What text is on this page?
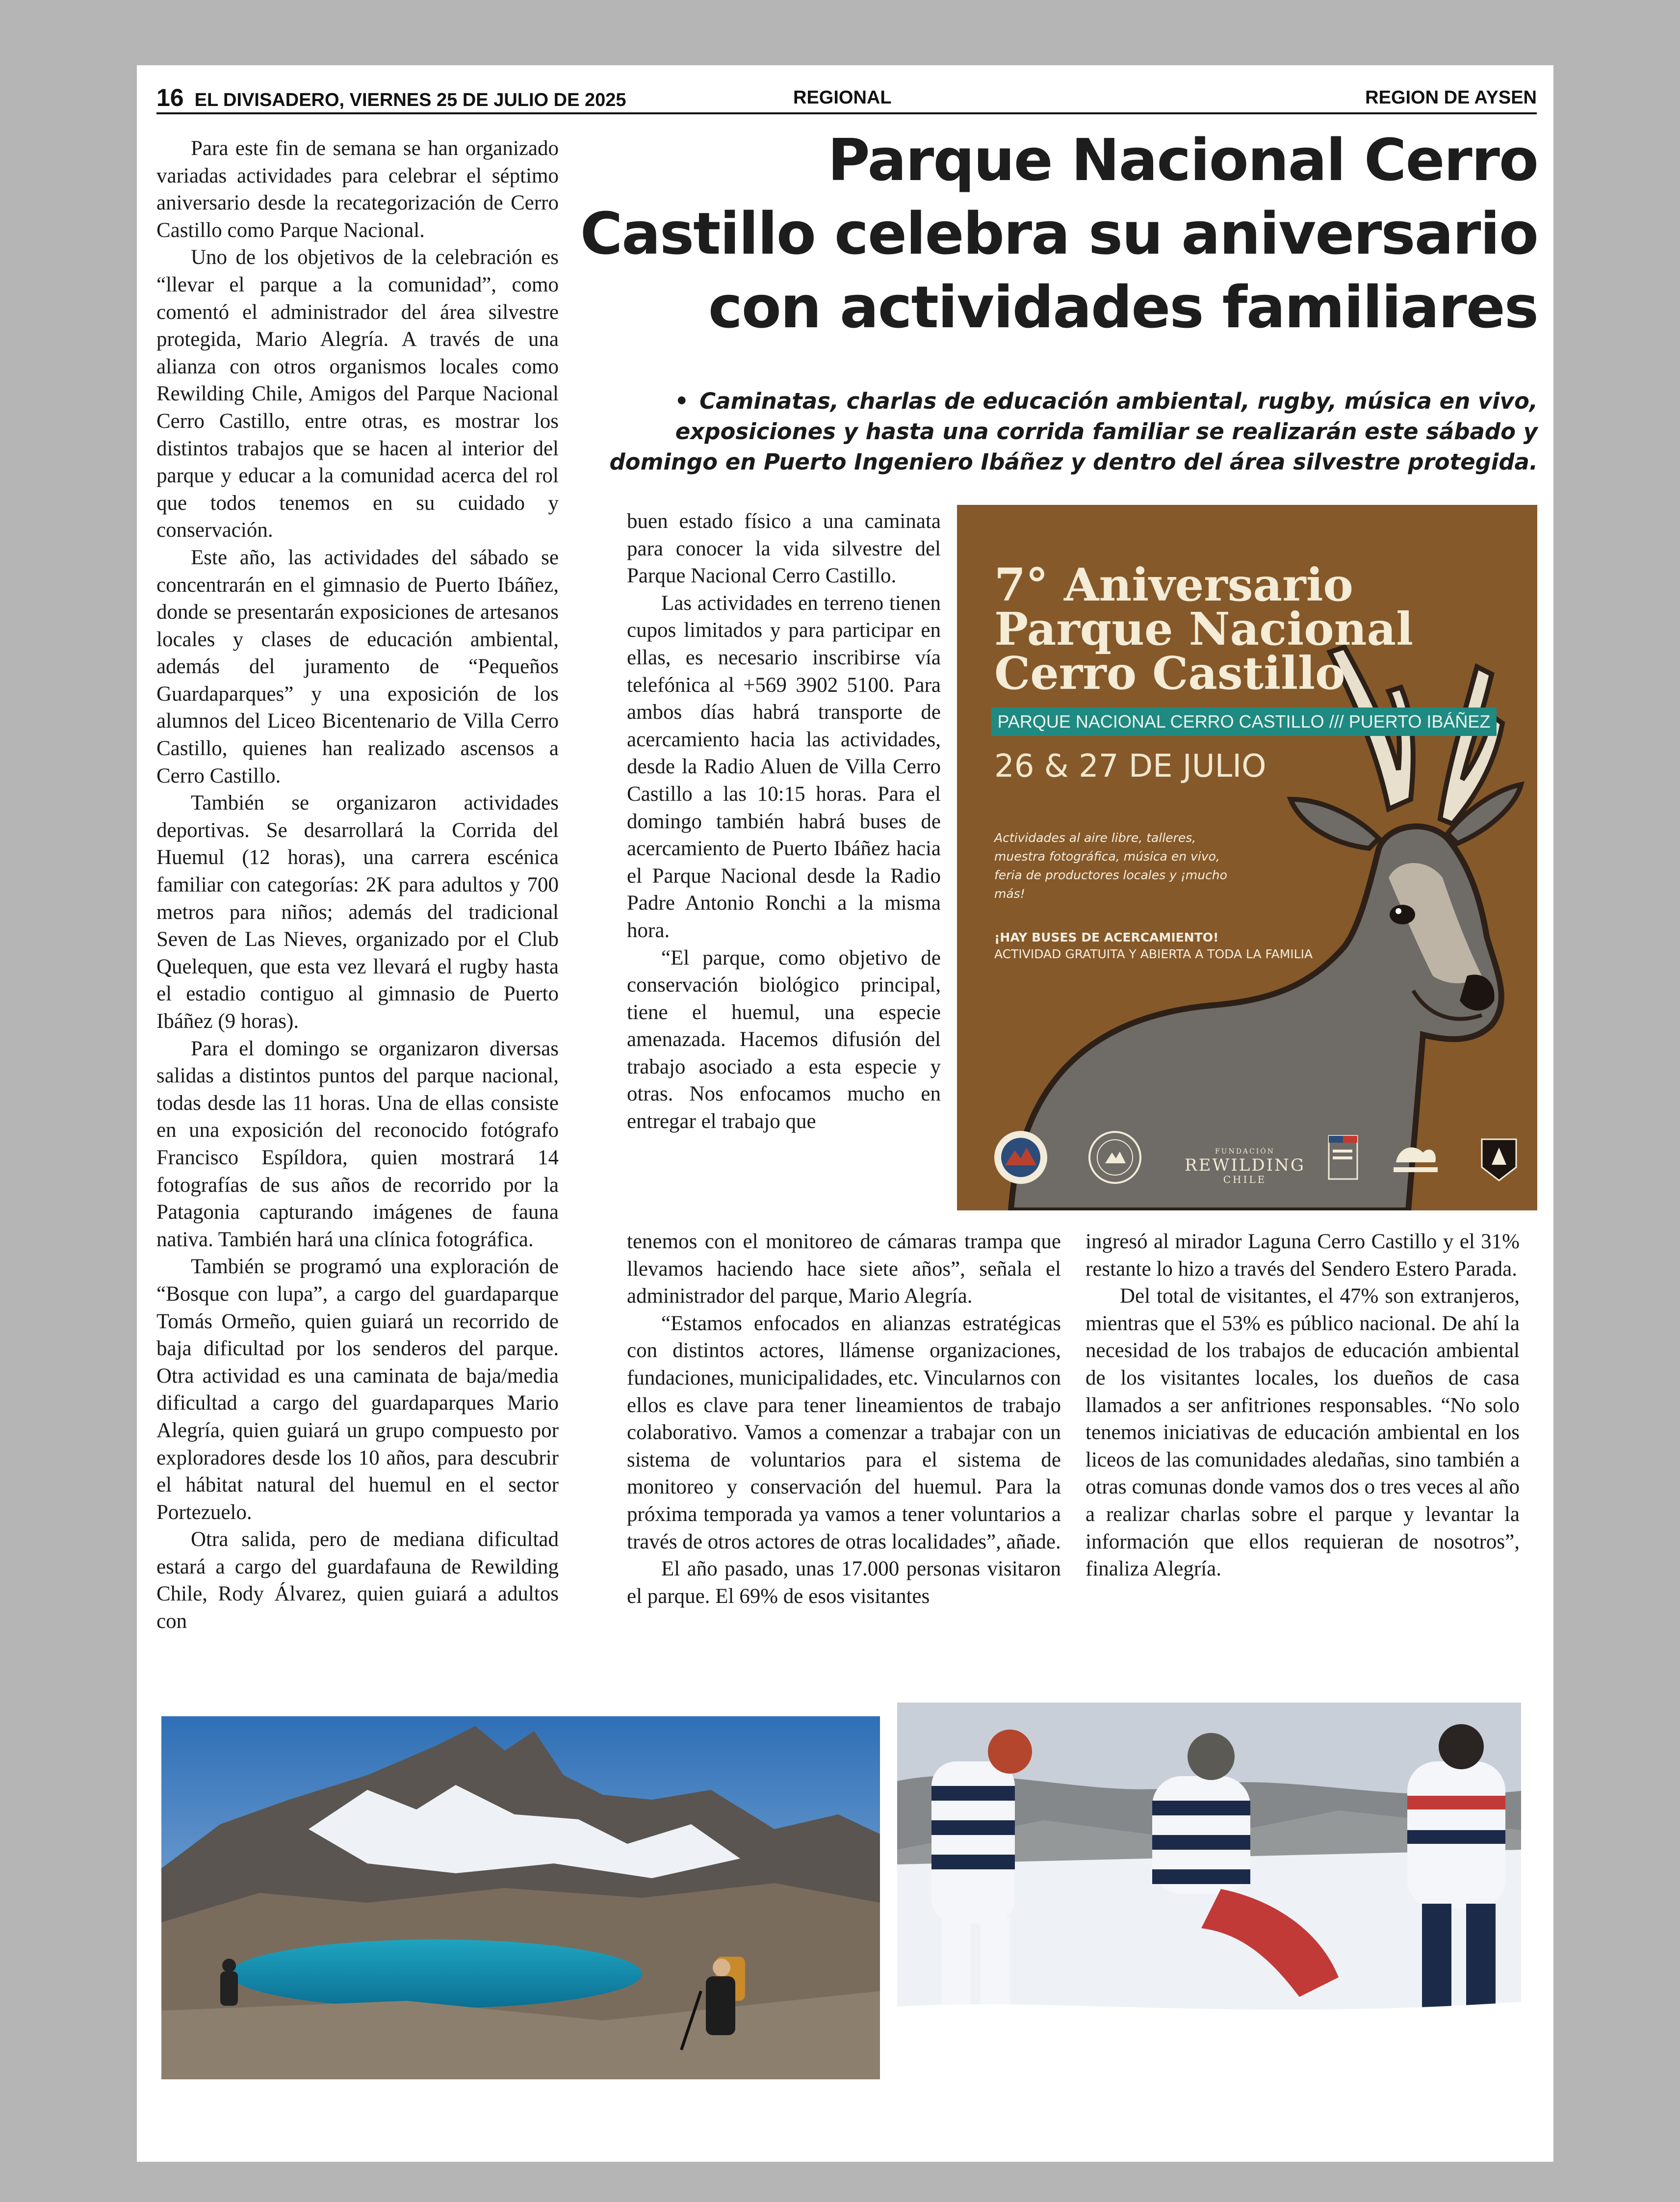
16 EL DIVISADERO, VIERNES 25 DE JULIO DE 2025	REGIONAL	REGION DE AYSEN
Parque Nacional Cerro
Castillo celebra su aniversario
con actividades familiares
• Caminatas, charlas de educación ambiental, rugby, música en vivo, exposiciones y hasta una corrida familiar se realizarán este sábado y domingo en Puerto Ingeniero Ibáñez y dentro del área silvestre protegida.

Para este fin de semana se han organizado variadas actividades para celebrar el séptimo aniversario desde la recategorización de Cerro Castillo como Parque Nacional.

Uno de los objetivos de la celebración es “llevar el parque a la comunidad”, como comentó el administrador del área silvestre protegida, Mario Alegría. A través de una alianza con otros organismos locales como Rewilding Chile, Amigos del Parque Nacional Cerro Castillo, entre otras, es mostrar los distintos trabajos que se hacen al interior del parque y educar a la comunidad acerca del rol que todos tenemos en su cuidado y conservación.

Este año, las actividades del sábado se concentrarán en el gimnasio de Puerto Ibáñez, donde se presentarán exposiciones de artesanos locales y clases de educación ambiental, además del juramento de “Pequeños Guardaparques” y una exposición de los alumnos del Liceo Bicentenario de Villa Cerro Castillo, quienes han realizado ascensos a Cerro Castillo.

También se organizaron actividades deportivas. Se desarrollará la Corrida del Huemul (12 horas), una carrera escénica familiar con categorías: 2K para adultos y 700 metros para niños; además del tradicional Seven de Las Nieves, organizado por el Club Quelequen, que esta vez llevará el rugby hasta el estadio contiguo al gimnasio de Puerto Ibáñez (9 horas).

Para el domingo se organizaron diversas salidas a distintos puntos del parque nacional, todas desde las 11 horas. Una de ellas consiste en una exposición del reconocido fotógrafo Francisco Espíldora, quien mostrará 14 fotografías de sus años de recorrido por la Patagonia capturando imágenes de fauna nativa. También hará una clínica fotográfica.

También se programó una exploración de “Bosque con lupa”, a cargo del guardaparque Tomás Ormeño, quien guiará un recorrido de baja dificultad por los senderos del parque. Otra actividad es una caminata de baja/media dificultad a cargo del guardaparques Mario Alegría, quien guiará un grupo compuesto por exploradores desde los 10 años, para descubrir el hábitat natural del huemul en el sector Portezuelo.

Otra salida, pero de mediana dificultad estará a cargo del guardafauna de Rewilding Chile, Rody Álvarez, quien guiará a adultos con

buen estado físico a una caminata para conocer la vida silvestre del Parque Nacional Cerro Castillo.

Las actividades en terreno tienen cupos limitados y para participar en ellas, es necesario inscribirse vía telefónica al +569 3902 5100. Para ambos días habrá transporte de acercamiento hacia las actividades, desde la Radio Aluen de Villa Cerro Castillo a las 10:15 horas. Para el domingo también habrá buses de acercamiento de Puerto Ibáñez hacia el Parque Nacional desde la Radio Padre Antonio Ronchi a la misma hora.

“El parque, como objetivo de conservación biológico principal, tiene el huemul, una especie amenazada. Hacemos difusión del trabajo asociado a esta especie y otras. Nos enfocamos mucho en entregar el trabajo que

tenemos con el monitoreo de cámaras trampa que llevamos haciendo hace siete años”, señala el administrador del parque, Mario Alegría.

“Estamos enfocados en alianzas estratégicas con distintos actores, llámense organizaciones, fundaciones, municipalidades, etc. Vincularnos con ellos es clave para tener lineamientos de trabajo colaborativo. Vamos a comenzar a trabajar con un sistema de voluntarios para el sistema de monitoreo y conservación del huemul. Para la próxima temporada ya vamos a tener voluntarios a través de otros actores de otras localidades”, añade.

El año pasado, unas 17.000 personas visitaron el parque. El 69% de esos visitantes

ingresó al mirador Laguna Cerro Castillo y el 31% restante lo hizo a través del Sendero Estero Parada.

Del total de visitantes, el 47% son extranjeros, mientras que el 53% es público nacional. De ahí la necesidad de los trabajos de educación ambiental de los visitantes locales, los dueños de casa llamados a ser anfitriones responsables. “No solo tenemos iniciativas de educación ambiental en los liceos de las comunidades aledañas, sino también a otras comunas donde vamos dos o tres veces al año a realizar charlas sobre el parque y levantar la información que ellos requieran de nosotros”, finaliza Alegría.

7° Aniversario
Parque Nacional
Cerro Castillo
PARQUE NACIONAL CERRO CASTILLO /// PUERTO IBÁÑEZ
26 & 27 DE JULIO
Actividades al aire libre, talleres,
muestra fotográfica, música en vivo,
feria de productores locales y ¡mucho más!
¡HAY BUSES DE ACERCAMIENTO!
ACTIVIDAD GRATUITA Y ABIERTA A TODA LA FAMILIA
FUNDACIÓN
REWILDING
CHILE
